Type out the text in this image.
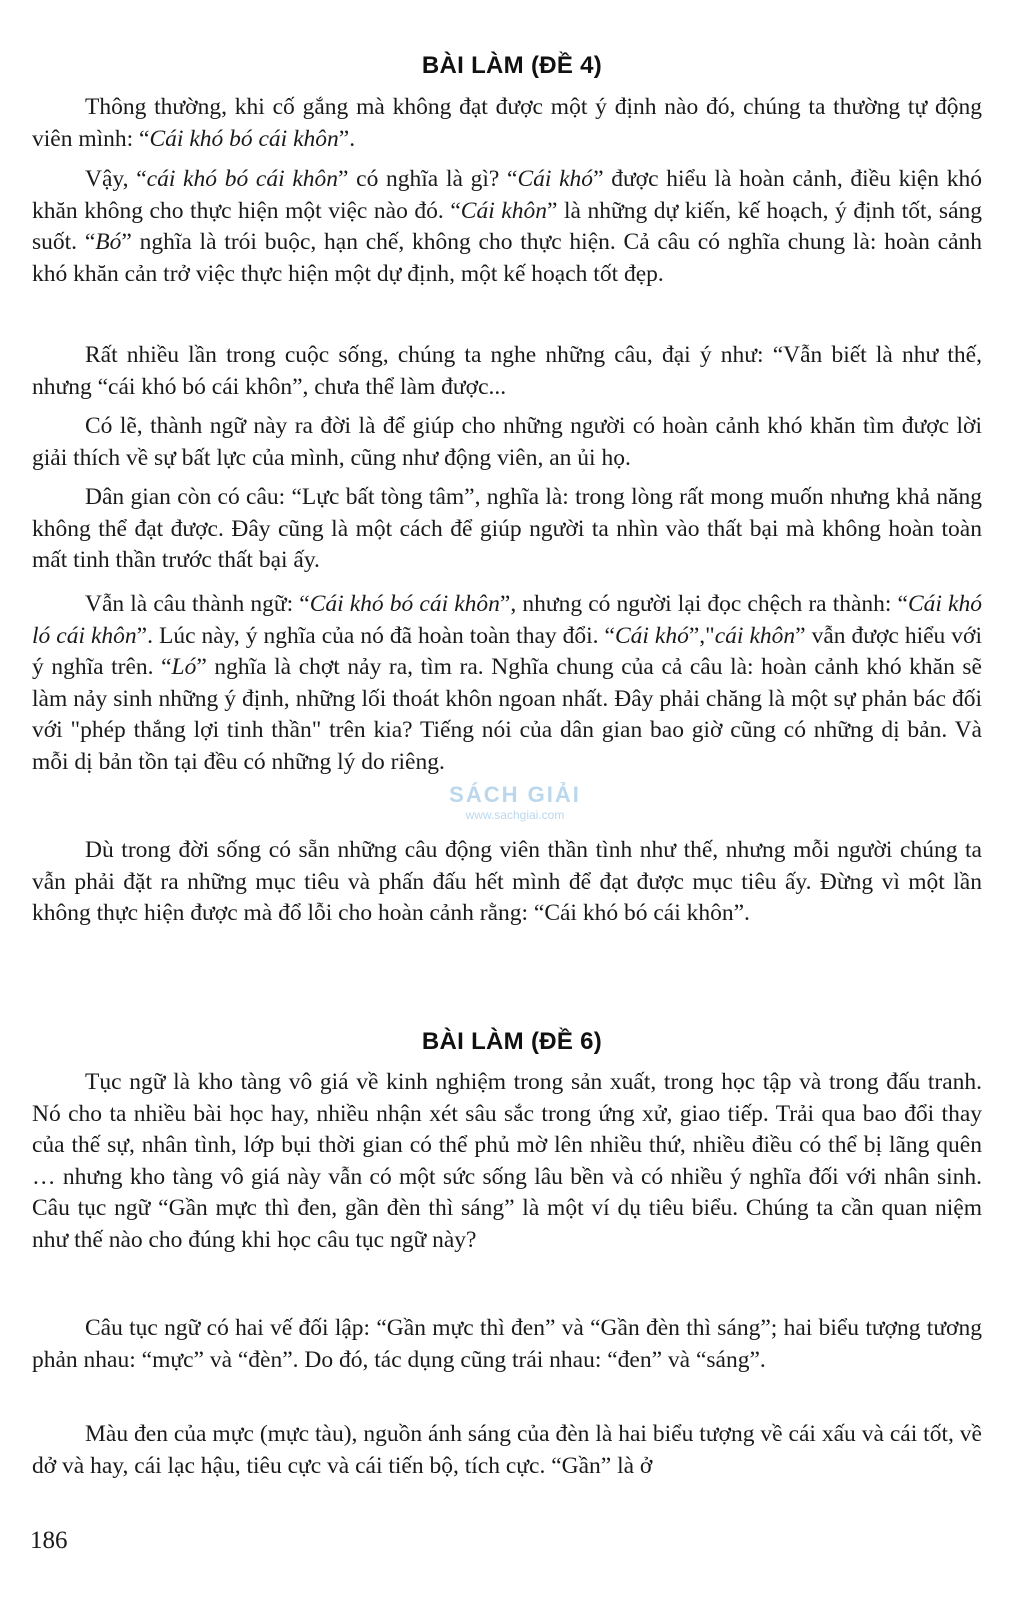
BÀI LÀM (ĐỀ 4)

Thông thường, khi cố gắng mà không đạt được một ý định nào đó, chúng ta thường tự động viên mình: “Cái khó bó cái khôn”.

Vậy, “cái khó bó cái khôn” có nghĩa là gì? “Cái khó” được hiểu là hoàn cảnh, điều kiện khó khăn không cho thực hiện một việc nào đó. “Cái khôn” là những dự kiến, kế hoạch, ý định tốt, sáng suốt. “Bó” nghĩa là trói buộc, hạn chế, không cho thực hiện. Cả câu có nghĩa chung là: hoàn cảnh khó khăn cản trở việc thực hiện một dự định, một kế hoạch tốt đẹp.

Rất nhiều lần trong cuộc sống, chúng ta nghe những câu, đại ý như: “Vẫn biết là như thế, nhưng “cái khó bó cái khôn”, chưa thể làm được...

Có lẽ, thành ngữ này ra đời là để giúp cho những người có hoàn cảnh khó khăn tìm được lời giải thích về sự bất lực của mình, cũng như động viên, an ủi họ.

Dân gian còn có câu: “Lực bất tòng tâm”, nghĩa là: trong lòng rất mong muốn nhưng khả năng không thể đạt được. Đây cũng là một cách để giúp người ta nhìn vào thất bại mà không hoàn toàn mất tinh thần trước thất bại ấy.

Vẫn là câu thành ngữ: “Cái khó bó cái khôn”, nhưng có người lại đọc chệch ra thành: “Cái khó ló cái khôn”. Lúc này, ý nghĩa của nó đã hoàn toàn thay đổi. “Cái khó”,"cái khôn” vẫn được hiểu với ý nghĩa trên. “Ló” nghĩa là chợt nảy ra, tìm ra. Nghĩa chung của cả câu là: hoàn cảnh khó khăn sẽ làm nảy sinh những ý định, những lối thoát khôn ngoan nhất. Đây phải chăng là một sự phản bác đối với "phép thắng lợi tinh thần" trên kia? Tiếng nói của dân gian bao giờ cũng có những dị bản. Và mỗi dị bản tồn tại đều có những lý do riêng.

Dù trong đời sống có sẵn những câu động viên thần tình như thế, nhưng mỗi người chúng ta vẫn phải đặt ra những mục tiêu và phấn đấu hết mình để đạt được mục tiêu ấy. Đừng vì một lần không thực hiện được mà đổ lỗi cho hoàn cảnh rằng: “Cái khó bó cái khôn”.

BÀI LÀM (ĐỀ 6)

Tục ngữ là kho tàng vô giá về kinh nghiệm trong sản xuất, trong học tập và trong đấu tranh. Nó cho ta nhiều bài học hay, nhiều nhận xét sâu sắc trong ứng xử, giao tiếp. Trải qua bao đổi thay của thế sự, nhân tình, lớp bụi thời gian có thể phủ mờ lên nhiều thứ, nhiều điều có thể bị lãng quên … nhưng kho tàng vô giá này vẫn có một sức sống lâu bền và có nhiều ý nghĩa đối với nhân sinh. Câu tục ngữ “Gần mực thì đen, gần đèn thì sáng” là một ví dụ tiêu biểu. Chúng ta cần quan niệm như thế nào cho đúng khi học câu tục ngữ này?

Câu tục ngữ có hai vế đối lập: “Gần mực thì đen” và “Gần đèn thì sáng”; hai biểu tượng tương phản nhau: “mực” và “đèn”. Do đó, tác dụng cũng trái nhau: “đen” và “sáng”.

Màu đen của mực (mực tàu), nguồn ánh sáng của đèn là hai biểu tượng về cái xấu và cái tốt, về dở và hay, cái lạc hậu, tiêu cực và cái tiến bộ, tích cực. “Gần” là ở

SÁCH GIẢI
www.sachgiai.com
186
